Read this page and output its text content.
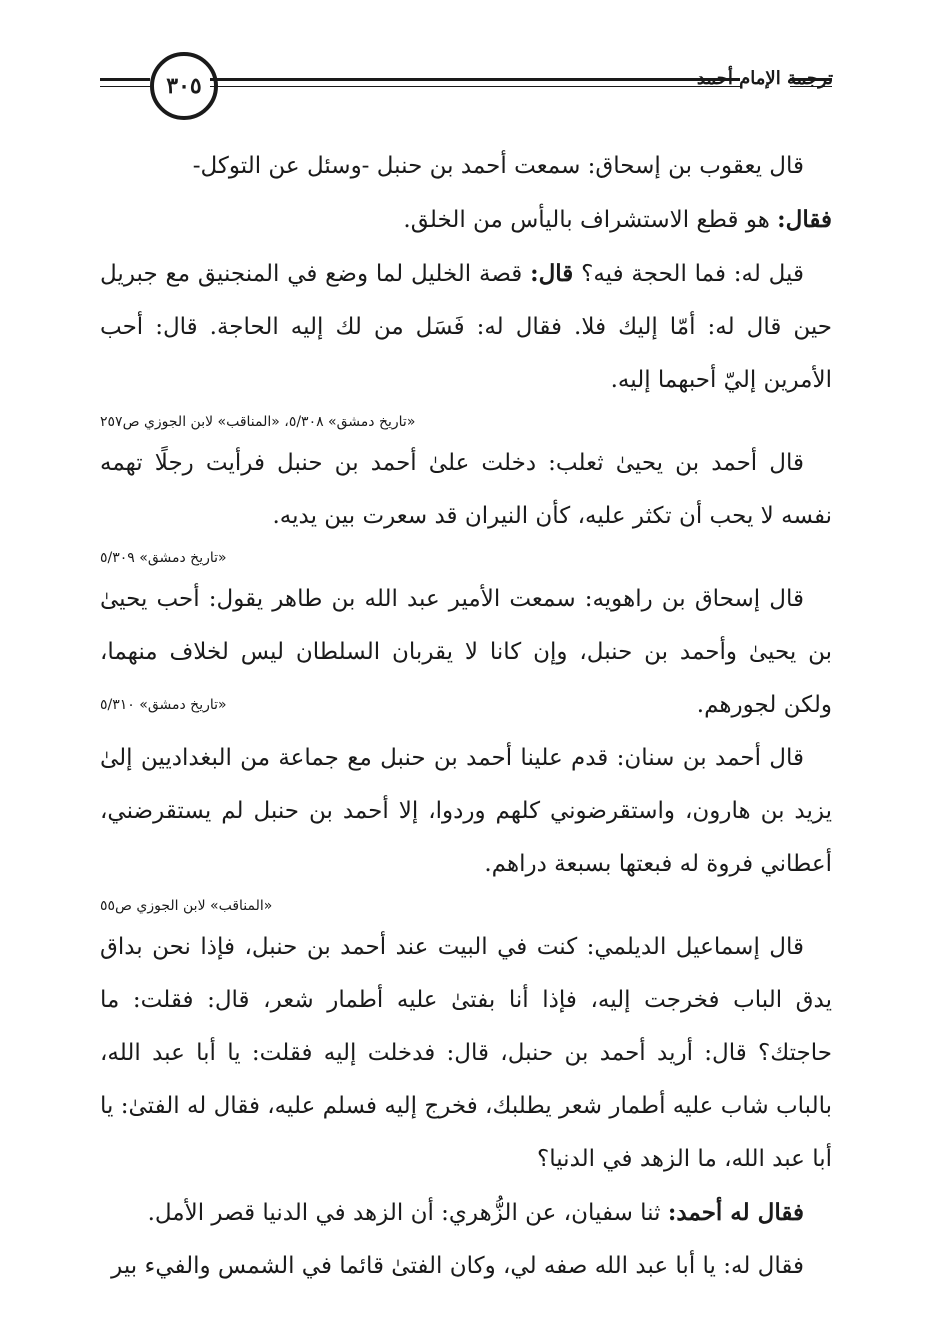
٣٠٥	ترجمة الإمام أحمد

قال يعقوب بن إسحاق: سمعت أحمد بن حنبل -وسئل عن التوكل-

فقال: هو قطع الاستشراف باليأس من الخلق.

قيل له: فما الحجة فيه؟ قال: قصة الخليل لما وضع في المنجنيق مع جبريل حين قال له: أمّا إليك فلا. فقال له: فَسَل من لك إليه الحاجة. قال: أحب الأمرين إليّ أحبهما إليه.

«تاريخ دمشق» ٥/٣٠٨، «المناقب» لابن الجوزي ص٢٥٧

قال أحمد بن يحيىٰ ثعلب: دخلت علىٰ أحمد بن حنبل فرأيت رجلًا تهمه نفسه لا يحب أن تكثر عليه، كأن النيران قد سعرت بين يديه.

«تاريخ دمشق» ٥/٣٠٩

قال إسحاق بن راهويه: سمعت الأمير عبد الله بن طاهر يقول: أحب يحيىٰ بن يحيىٰ وأحمد بن حنبل، وإن كانا لا يقربان السلطان ليس لخلاف منهما، ولكن لجورهم.
«تاريخ دمشق» ٥/٣١٠

قال أحمد بن سنان: قدم علينا أحمد بن حنبل مع جماعة من البغداديين إلىٰ يزيد بن هارون، واستقرضوني كلهم وردوا، إلا أحمد بن حنبل لم يستقرضني، أعطاني فروة له فبعتها بسبعة دراهم.

«المناقب» لابن الجوزي ص٥٥

قال إسماعيل الديلمي: كنت في البيت عند أحمد بن حنبل، فإذا نحن بداق يدق الباب فخرجت إليه، فإذا أنا بفتىٰ عليه أطمار شعر، قال: فقلت: ما حاجتك؟ قال: أريد أحمد بن حنبل، قال: فدخلت إليه فقلت: يا أبا عبد الله، بالباب شاب عليه أطمار شعر يطلبك، فخرج إليه فسلم عليه، فقال له الفتىٰ: يا أبا عبد الله، ما الزهد في الدنيا؟

فقال له أحمد: ثنا سفيان، عن الزُّهري: أن الزهد في الدنيا قصر الأمل.

فقال له: يا أبا عبد الله صفه لي، وكان الفتىٰ قائما في الشمس والفيء بير
